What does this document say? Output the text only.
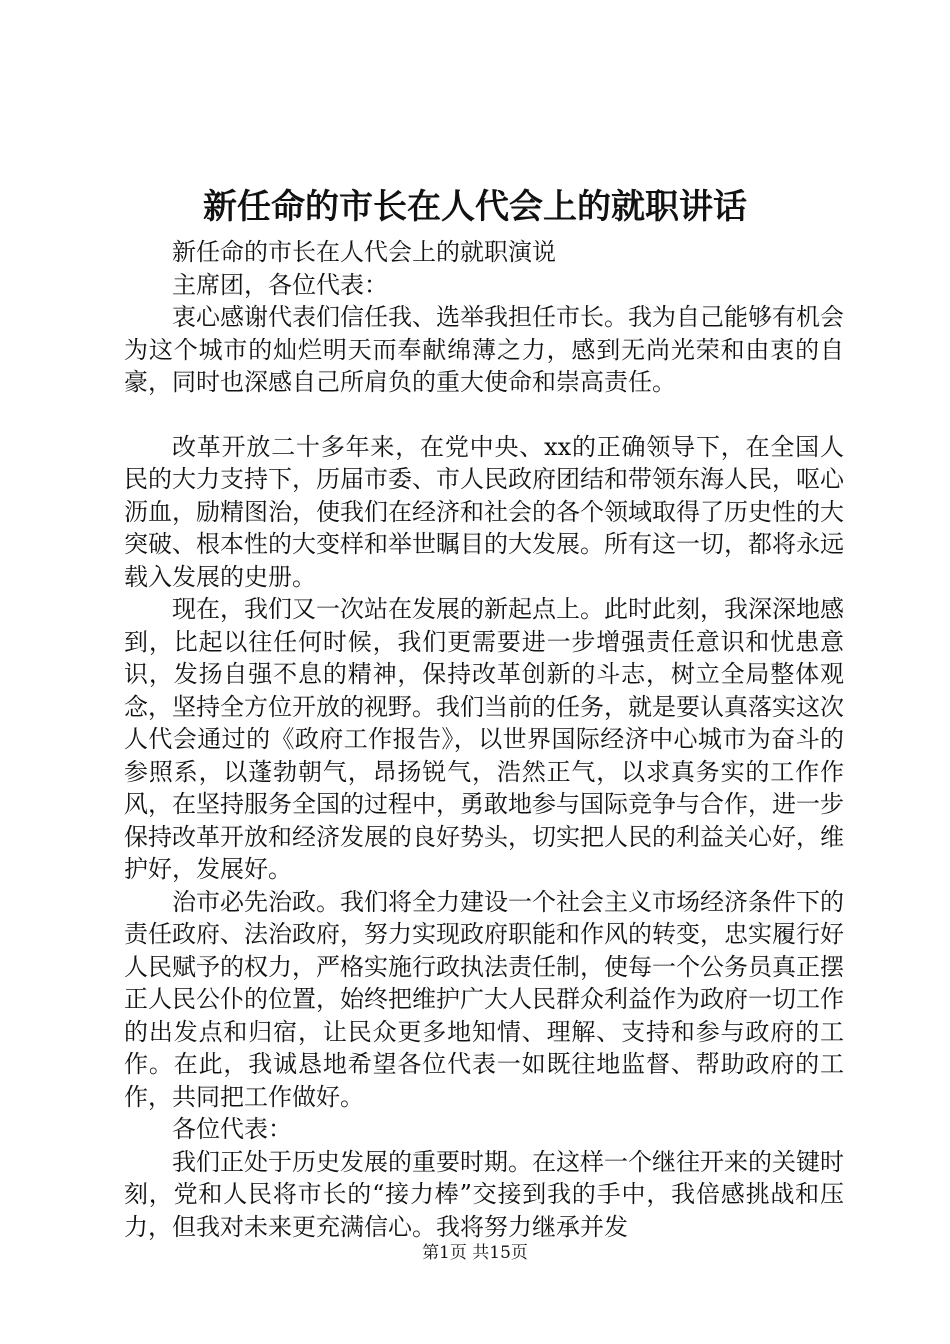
新任命的市长在人代会上的就职讲话

新任命的市长在人代会上的就职演说

主席团，各位代表：

衷心感谢代表们信任我、选举我担任市长。我为自己能够有机会为这个城市的灿烂明天而奉献绵薄之力，感到无尚光荣和由衷的自豪，同时也深感自己所肩负的重大使命和崇高责任。

改革开放二十多年来，在党中央、xx的正确领导下，在全国人民的大力支持下，历届市委、市人民政府团结和带领东海人民，呕心沥血，励精图治，使我们在经济和社会的各个领域取得了历史性的大突破、根本性的大变样和举世瞩目的大发展。所有这一切，都将永远载入发展的史册。

现在，我们又一次站在发展的新起点上。此时此刻，我深深地感到，比起以往任何时候，我们更需要进一步增强责任意识和忧患意识，发扬自强不息的精神，保持改革创新的斗志，树立全局整体观念，坚持全方位开放的视野。我们当前的任务，就是要认真落实这次人代会通过的《政府工作报告》，以世界国际经济中心城市为奋斗的参照系，以蓬勃朝气，昂扬锐气，浩然正气，以求真务实的工作作风，在坚持服务全国的过程中，勇敢地参与国际竞争与合作，进一步保持改革开放和经济发展的良好势头，切实把人民的利益关心好，维护好，发展好。

治市必先治政。我们将全力建设一个社会主义市场经济条件下的责任政府、法治政府，努力实现政府职能和作风的转变，忠实履行好人民赋予的权力，严格实施行政执法责任制，使每一个公务员真正摆正人民公仆的位置，始终把维护广大人民群众利益作为政府一切工作的出发点和归宿，让民众更多地知情、理解、支持和参与政府的工作。在此，我诚恳地希望各位代表一如既往地监督、帮助政府的工作，共同把工作做好。

各位代表：

我们正处于历史发展的重要时期。在这样一个继往开来的关键时刻，党和人民将市长的“接力棒”交接到我的手中，我倍感挑战和压力，但我对未来更充满信心。我将努力继承并发

第1页 共15页
